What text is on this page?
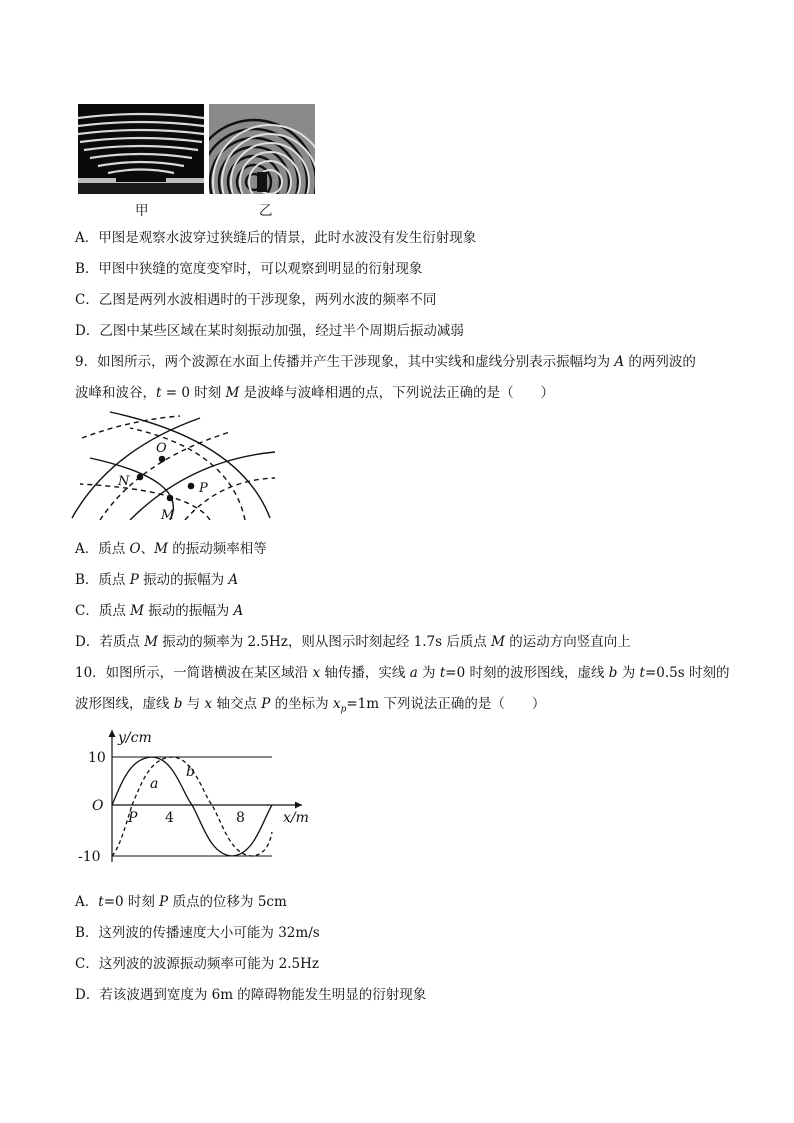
甲	乙
A．甲图是观察水波穿过狭缝后的情景，此时水波没有发生衍射现象
B．甲图中狭缝的宽度变窄时，可以观察到明显的衍射现象
C．乙图是两列水波相遇时的干涉现象，两列水波的频率不同
D．乙图中某些区域在某时刻振动加强，经过半个周期后振动减弱
9．如图所示，两个波源在水面上传播并产生干涉现象，其中实线和虚线分别表示振幅均为 A 的两列波的
波峰和波谷，t = 0 时刻 M 是波峰与波峰相遇的点，下列说法正确的是（　　）
O
N	P
M
A．质点 O、M 的振动频率相等
B．质点 P 振动的振幅为 A
C．质点 M 振动的振幅为 A
D．若质点 M 振动的频率为 2.5Hz，则从图示时刻起经 1.7s 后质点 M 的运动方向竖直向上
10．如图所示，一简谐横波在某区域沿 x 轴传播，实线 a 为 t=0 时刻的波形图线，虚线 b 为 t=0.5s 时刻的
波形图线，虚线 b 与 x 轴交点 P 的坐标为 $x_p=1m$ 下列说法正确的是（　　）
y/cm
x/m
10
-10
O
4	8
P
a
b
A．t=0 时刻 P 质点的位移为 5cm
B．这列波的传播速度大小可能为 32m/s
C．这列波的波源振动频率可能为 2.5Hz
D．若该波遇到宽度为 6m 的障碍物能发生明显的衍射现象
